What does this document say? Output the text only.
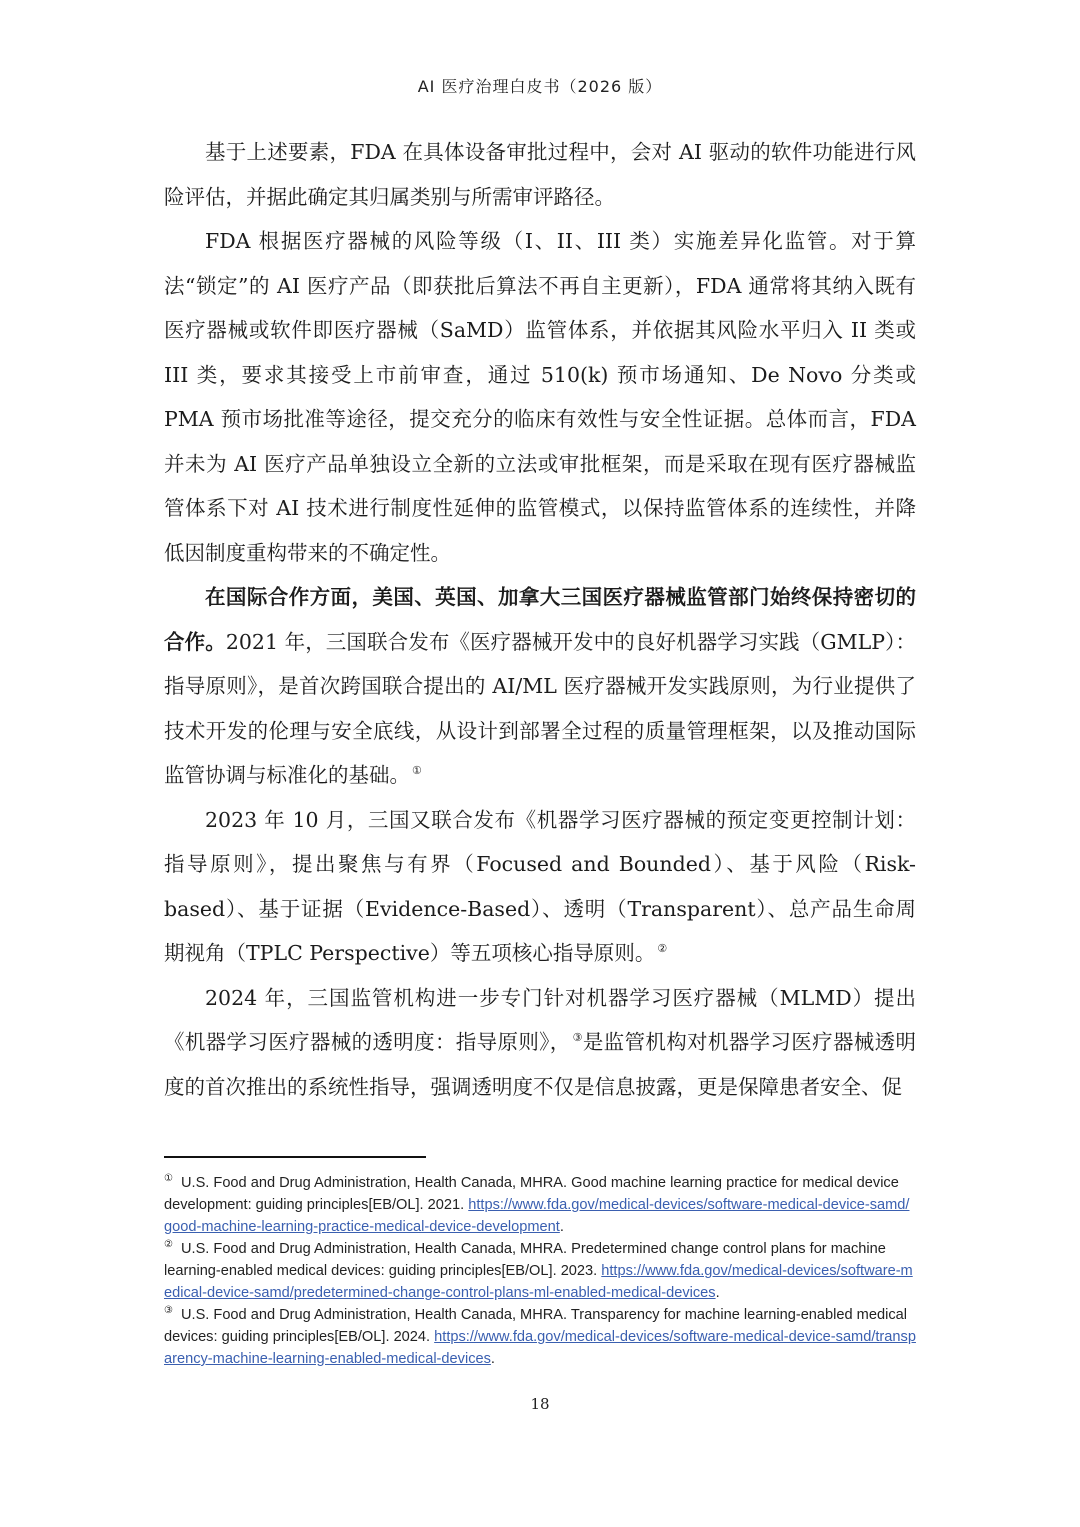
AI 医疗治理白皮书（2026 版）

基于上述要素，FDA 在具体设备审批过程中，会对 AI 驱动的软件功能进行风险评估，并据此确定其归属类别与所需审评路径。

FDA 根据医疗器械的风险等级（I、II、III 类）实施差异化监管。对于算法“锁定”的 AI 医疗产品（即获批后算法不再自主更新），FDA 通常将其纳入既有医疗器械或软件即医疗器械（SaMD）监管体系，并依据其风险水平归入 II 类或 III 类，要求其接受上市前审查，通过 510(k) 预市场通知、De Novo 分类或 PMA 预市场批准等途径，提交充分的临床有效性与安全性证据。总体而言，FDA 并未为 AI 医疗产品单独设立全新的立法或审批框架，而是采取在现有医疗器械监管体系下对 AI 技术进行制度性延伸的监管模式，以保持监管体系的连续性，并降低因制度重构带来的不确定性。

在国际合作方面，美国、英国、加拿大三国医疗器械监管部门始终保持密切的合作。2021 年，三国联合发布《医疗器械开发中的良好机器学习实践（GMLP）：指导原则》，是首次跨国联合提出的 AI/ML 医疗器械开发实践原则，为行业提供了技术开发的伦理与安全底线，从设计到部署全过程的质量管理框架，以及推动国际监管协调与标准化的基础。 ①

2023 年 10 月，三国又联合发布《机器学习医疗器械的预定变更控制计划：指导原则》，提出聚焦与有界（Focused and Bounded）、基于风险（Risk-based）、基于证据（Evidence-Based）、透明（Transparent）、总产品生命周期视角（TPLC Perspective）等五项核心指导原则。 ②

2024 年，三国监管机构进一步专门针对机器学习医疗器械（MLMD）提出《机器学习医疗器械的透明度：指导原则》， ③是监管机构对机器学习医疗器械透明度的首次推出的系统性指导，强调透明度不仅是信息披露，更是保障患者安全、促

① U.S. Food and Drug Administration, Health Canada, MHRA. Good machine learning practice for medical device development: guiding principles[EB/OL]. 2021. https://www.fda.gov/medical-devices/software-medical-device-samd/good-machine-learning-practice-medical-device-development.

② U.S. Food and Drug Administration, Health Canada, MHRA. Predetermined change control plans for machine learning-enabled medical devices: guiding principles[EB/OL]. 2023. https://www.fda.gov/medical-devices/software-medical-device-samd/predetermined-change-control-plans-ml-enabled-medical-devices.

③ U.S. Food and Drug Administration, Health Canada, MHRA. Transparency for machine learning-enabled medical devices: guiding principles[EB/OL]. 2024. https://www.fda.gov/medical-devices/software-medical-device-samd/transparency-machine-learning-enabled-medical-devices.

18
